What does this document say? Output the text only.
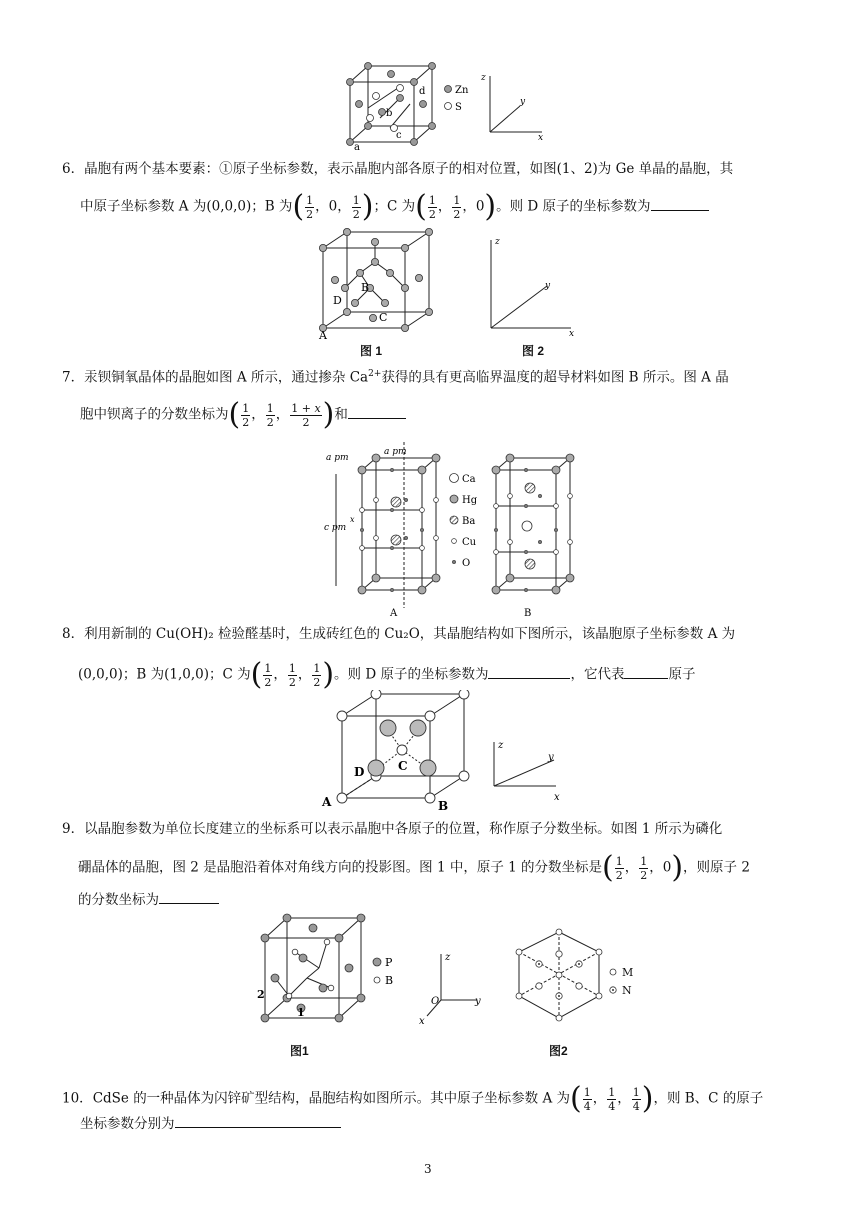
d
b
c
a
Zn
S
z
y
x
6．晶胞有两个基本要素：①原子坐标参数，表示晶胞内部各原子的相对位置，如图(1、2)为 Ge 单晶的晶胞，其
中原子坐标参数 A 为(0,0,0)；B 为( $\frac{1}{2}$ ，0， $\frac{1}{2}$ )；C 为( $\frac{1}{2}$ ， $\frac{1}{2}$ ，0)。则 D 原子的坐标参数为
B
D
C
A
z
y
x
图 1	图 2
7．汞钡铜氧晶体的晶胞如图 A 所示，通过掺杂 $Ca^{2+}$获得的具有更高临界温度的超导材料如图 B 所示。图 A 晶
胞中钡离子的分数坐标为( $\frac{1}{2}$ ， $\frac{1}{2}$ ， $\frac{1 + x}{2}$ )和
a pm
a pm
c pm
x
Ca
Hg
Ba
Cu
O
A	B
8．利用新制的 Cu(OH)₂ 检验醛基时，生成砖红色的 Cu₂O，其晶胞结构如下图所示，该晶胞原子坐标参数 A 为
(0,0,0)；B 为(1,0,0)；C 为( $\frac{1}{2}$ ， $\frac{1}{2}$ ， $\frac{1}{2}$ )。则 D 原子的坐标参数为	，它代表	原子
C
D
A	B
z
y
x
9．以晶胞参数为单位长度建立的坐标系可以表示晶胞中各原子的位置，称作原子分数坐标。如图 1 所示为磷化
硼晶体的晶胞，图 2 是晶胞沿着体对角线方向的投影图。图 1 中，原子 1 的分数坐标是( $\frac{1}{2}$ ， $\frac{1}{2}$ ，0)，则原子 2
的分数坐标为
2
1
P
B
z
O	y
x
M
N
图1	图2
10．CdSe 的一种晶体为闪锌矿型结构，晶胞结构如图所示。其中原子坐标参数 A 为( $\frac{1}{4}$ ， $\frac{1}{4}$ ， $\frac{1}{4}$ )，则 B、C 的原子
坐标参数分别为
3
